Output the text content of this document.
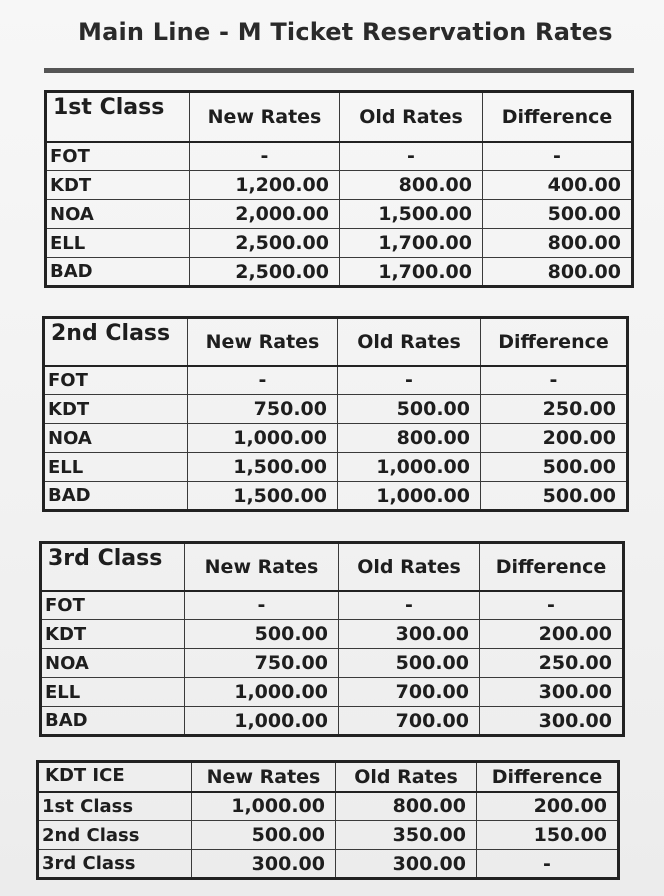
Main Line - M Ticket Reservation Rates
1st Class	New Rates	Old Rates	Difference
FOT	-	-	-
KDT	1,200.00	800.00	400.00
NOA	2,000.00	1,500.00	500.00
ELL	2,500.00	1,700.00	800.00
BAD	2,500.00	1,700.00	800.00
2nd Class	New Rates	Old Rates	Difference
FOT	-	-	-
KDT	750.00	500.00	250.00
NOA	1,000.00	800.00	200.00
ELL	1,500.00	1,000.00	500.00
BAD	1,500.00	1,000.00	500.00
3rd Class	New Rates	Old Rates	Difference
FOT	-	-	-
KDT	500.00	300.00	200.00
NOA	750.00	500.00	250.00
ELL	1,000.00	700.00	300.00
BAD	1,000.00	700.00	300.00
KDT ICE	New Rates	Old Rates	Difference
1st Class	1,000.00	800.00	200.00
2nd Class	500.00	350.00	150.00
3rd Class	300.00	300.00	-
